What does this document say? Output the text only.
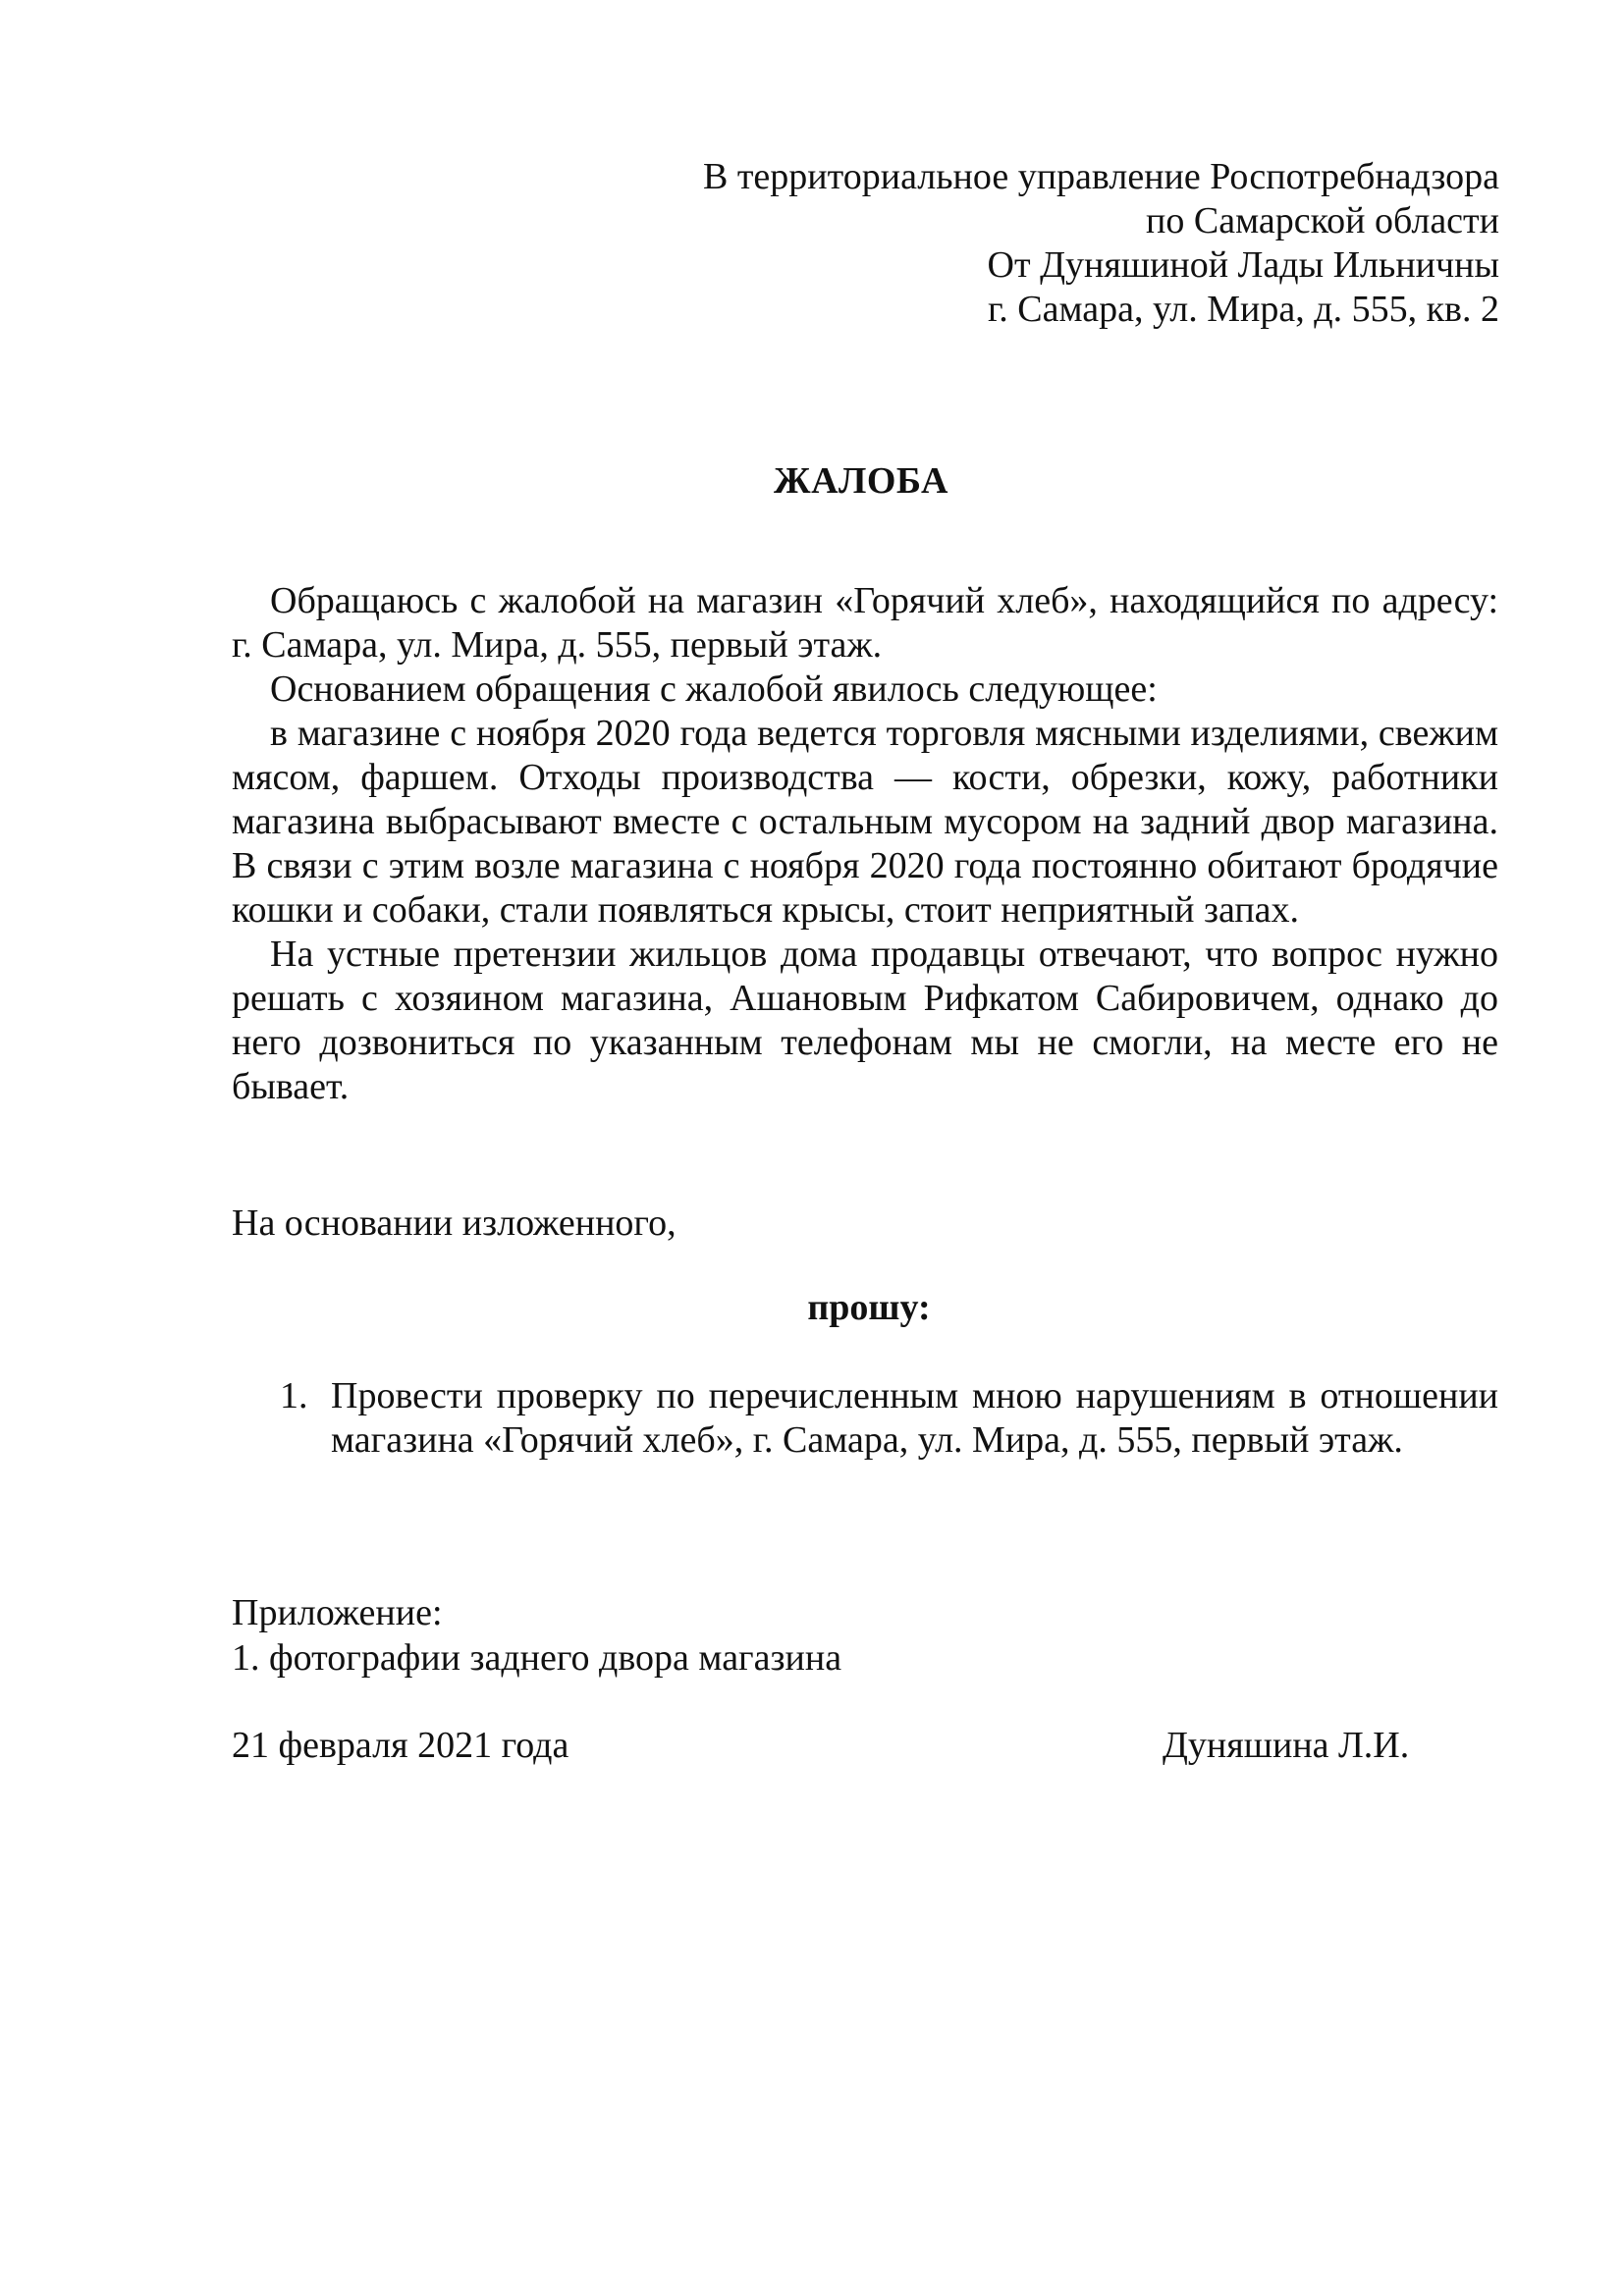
В территориальное управление Роспотребнадзора
по Самарской области
От Дуняшиной Лады Ильничны
г. Самара, ул. Мира, д. 555, кв. 2
ЖАЛОБА

Обращаюсь с жалобой на магазин «Горячий хлеб», находящийся по адресу: г. Самара, ул. Мира, д. 555, первый этаж.

Основанием обращения с жалобой явилось следующее:

в магазине с ноября 2020 года ведется торговля мясными изделиями, свежим мясом, фаршем. Отходы производства — кости, обрезки, кожу, работники магазина выбрасывают вместе с остальным мусором на задний двор магазина. В связи с этим возле магазина с ноября 2020 года постоянно обитают бродячие кошки и собаки, стали появляться крысы, стоит неприятный запах.

На устные претензии жильцов дома продавцы отвечают, что вопрос нужно решать с хозяином магазина, Ашановым Рифкатом Сабировичем, однако до него дозвониться по указанным телефонам мы не смогли, на месте его не бывает.

На основании изложенного,
прошу:
1. Провести проверку по перечисленным мною нарушениям в отношении магазина «Горячий хлеб», г. Самара, ул. Мира, д. 555, первый этаж.
Приложение:
1. фотографии заднего двора магазина
21 февраля 2021 года	Дуняшина Л.И.
